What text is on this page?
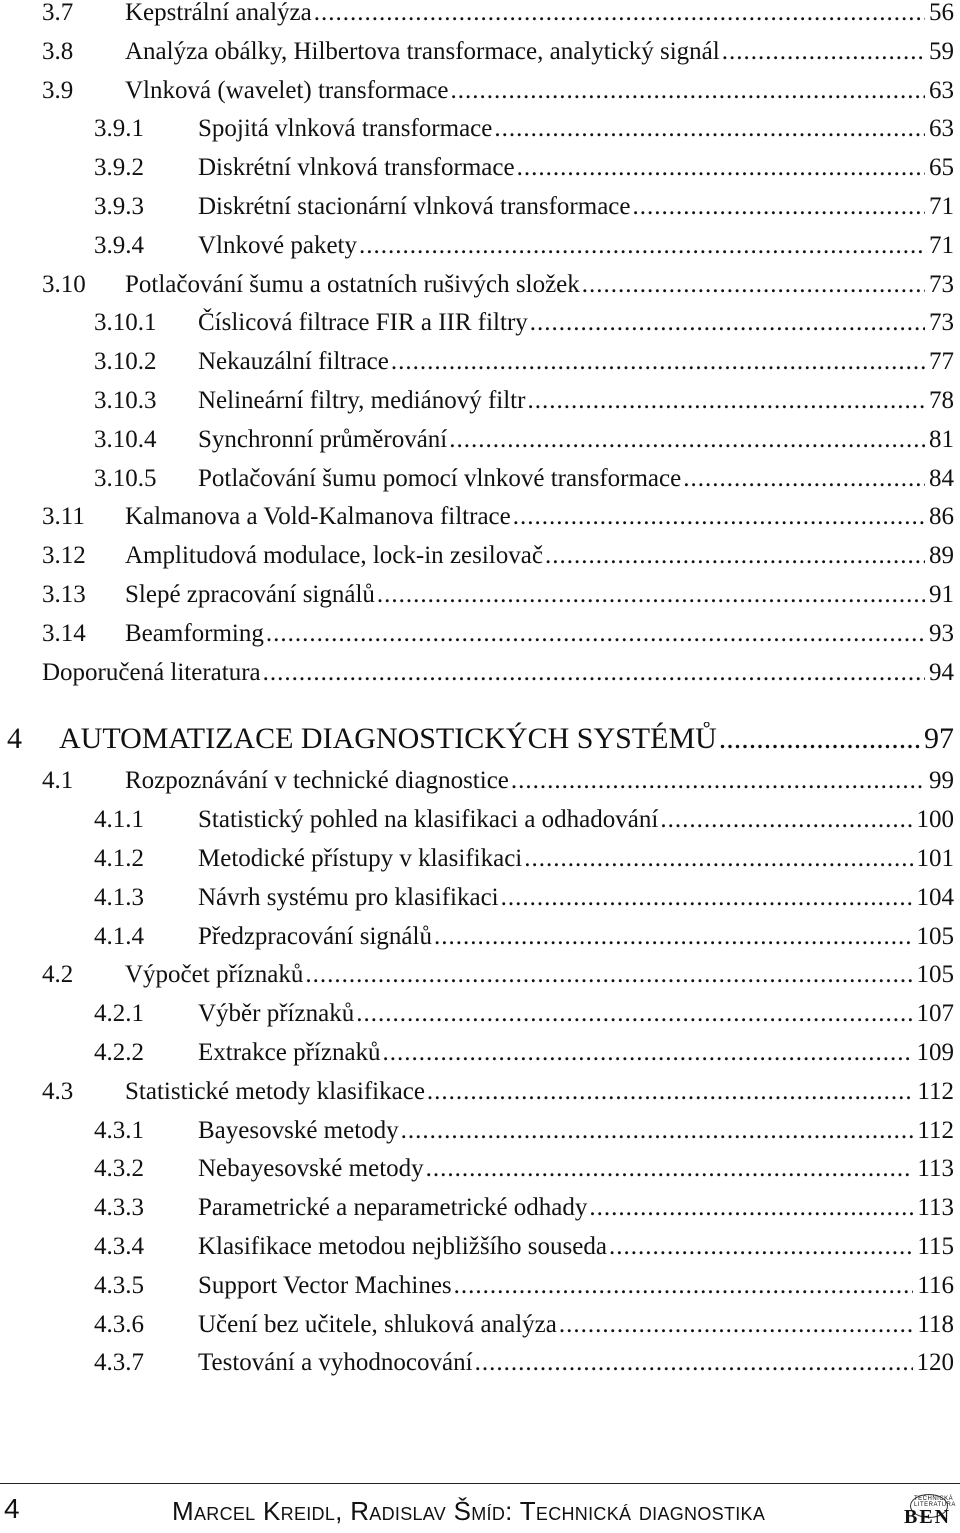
3.7 Kepstrální analýza .....	56
3.8 Analýza obálky, Hilbertova transformace, analytický signál .....	59
3.9 Vlnková (wavelet) transformace .....	63
3.9.1 Spojitá vlnková transformace .....	63
3.9.2 Diskrétní vlnková transformace .....	65
3.9.3 Diskrétní stacionární vlnková transformace .....	71
3.9.4 Vlnkové pakety .....	71
3.10 Potlačování šumu a ostatních rušivých složek .....	73
3.10.1 Číslicová filtrace FIR a IIR filtry .....	73
3.10.2 Nekauzální filtrace .....	77
3.10.3 Nelineární filtry, mediánový filtr .....	78
3.10.4 Synchronní průměrování .....	81
3.10.5 Potlačování šumu pomocí vlnkové transformace .....	84
3.11 Kalmanova a Vold-Kalmanova filtrace .....	86
3.12 Amplitudová modulace, lock-in zesilovač .....	89
3.13 Slepé zpracování signálů .....	91
3.14 Beamforming .....	93
Doporučená literatura .....	94
4 AUTOMATIZACE DIAGNOSTICKÝCH SYSTÉMŮ .....	97
4.1 Rozpoznávání v technické diagnostice .....	99
4.1.1 Statistický pohled na klasifikaci a odhadování .....	100
4.1.2 Metodické přístupy v klasifikaci .....	101
4.1.3 Návrh systému pro klasifikaci .....	104
4.1.4 Předzpracování signálů .....	105
4.2 Výpočet příznaků .....	105
4.2.1 Výběr příznaků .....	107
4.2.2 Extrakce příznaků .....	109
4.3 Statistické metody klasifikace .....	112
4.3.1 Bayesovské metody .....	112
4.3.2 Nebayesovské metody .....	113
4.3.3 Parametrické a neparametrické odhady .....	113
4.3.4 Klasifikace metodou nejbližšího souseda .....	115
4.3.5 Support Vector Machines .....	116
4.3.6 Učení bez učitele, shluková analýza .....	118
4.3.7 Testování a vyhodnocování .....	120
4	Marcel Kreidl, Radislav Šmíd: Technická diagnostika	TECHNICKÁ LITERATURA
BEN
